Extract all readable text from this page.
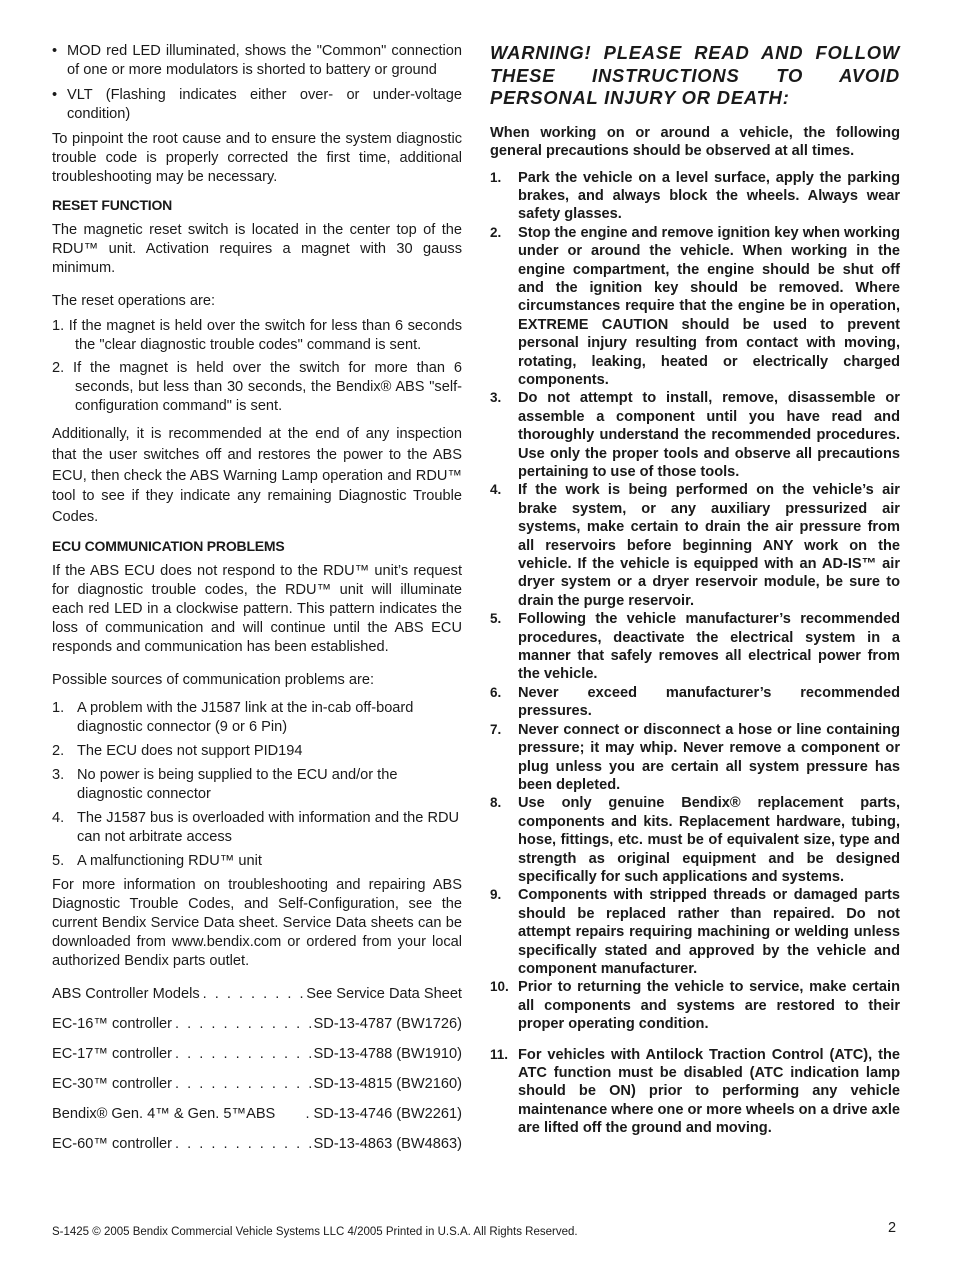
• MOD red LED illuminated, shows the "Common" connection of one or more modulators is shorted to battery or ground
• VLT (Flashing indicates either over- or under-voltage condition)

To pinpoint the root cause and to ensure the system diagnostic trouble code is properly corrected the first time, additional troubleshooting may be necessary.

RESET FUNCTION

The magnetic reset switch is located in the center top of the RDU™ unit. Activation requires a magnet with 30 gauss minimum.

The reset operations are:

1. If the magnet is held over the switch for less than 6 seconds the "clear diagnostic trouble codes" command is sent.
2. If the magnet is held over the switch for more than 6 seconds, but less than 30 seconds, the Bendix® ABS "self-configuration command" is sent.

Additionally, it is recommended at the end of any inspection that the user switches off and restores the power to the ABS ECU, then check the ABS Warning Lamp operation and RDU™ tool to see if they indicate any remaining Diagnostic Trouble Codes.

ECU COMMUNICATION PROBLEMS

If the ABS ECU does not respond to the RDU™ unit’s request for diagnostic trouble codes, the RDU™ unit will illuminate each red LED in a clockwise pattern. This pattern indicates the loss of communication and will continue until the ABS ECU responds and communication has been established.

Possible sources of communication problems are:

1. A problem with the J1587 link at the in-cab off-board diagnostic connector (9 or 6 Pin)
2. The ECU does not support PID194
3. No power is being supplied to the ECU and/or the diagnostic connector
4. The J1587 bus is overloaded with information and the RDU can not arbitrate access
5. A malfunctioning RDU™ unit

For more information on troubleshooting and repairing ABS Diagnostic Trouble Codes, and Self-Configuration, see the current Bendix Service Data sheet. Service Data sheets can be downloaded from www.bendix.com or ordered from your local authorized Bendix parts outlet.

ABS Controller Models . . .	See Service Data Sheet
EC-16™ controller . . .	SD-13-4787 (BW1726)
EC-17™ controller . . .	SD-13-4788 (BW1910)
EC-30™ controller . . .	SD-13-4815 (BW2160)
Bendix® Gen. 4™ & Gen. 5™ABS . SD-13-4746 (BW2261)
EC-60™ controller . . .	SD-13-4863 (BW4863)
WARNING! PLEASE READ AND FOLLOW THESE INSTRUCTIONS TO AVOID PERSONAL INJURY OR DEATH:
When working on or around a vehicle, the following general precautions should be observed at all times.
1.	Park the vehicle on a level surface, apply the parking brakes, and always block the wheels. Always wear safety glasses.
2.	Stop the engine and remove ignition key when working under or around the vehicle. When working in the engine compartment, the engine should be shut off and the ignition key should be removed. Where circumstances require that the engine be in operation, EXTREME CAUTION should be used to prevent personal injury resulting from contact with moving, rotating, leaking, heated or electrically charged components.
3.	Do not attempt to install, remove, disassemble or assemble a component until you have read and thoroughly understand the recommended procedures. Use only the proper tools and observe all precautions pertaining to use of those tools.
4.	If the work is being performed on the vehicle’s air brake system, or any auxiliary pressurized air systems, make certain to drain the air pressure from all reservoirs before beginning ANY work on the vehicle. If the vehicle is equipped with an AD-IS™ air dryer system or a dryer reservoir module, be sure to drain the purge reservoir.
5.	Following the vehicle manufacturer’s recommended procedures, deactivate the electrical system in a manner that safely removes all electrical power from the vehicle.
6.	Never exceed manufacturer’s recommended pressures.
7.	Never connect or disconnect a hose or line containing pressure; it may whip. Never remove a component or plug unless you are certain all system pressure has been depleted.
8.	Use only genuine Bendix® replacement parts, components and kits. Replacement hardware, tubing, hose, fittings, etc. must be of equivalent size, type and strength as original equipment and be designed specifically for such applications and systems.
9.	Components with stripped threads or damaged parts should be replaced rather than repaired. Do not attempt repairs requiring machining or welding unless specifically stated and approved by the vehicle and component manufacturer.
10. Prior to returning the vehicle to service, make certain all components and systems are restored to their proper operating condition.
11. For vehicles with Antilock Traction Control (ATC), the ATC function must be disabled (ATC indication lamp should be ON) prior to performing any vehicle maintenance where one or more wheels on a drive axle are lifted off the ground and moving.
S-1425 © 2005 Bendix Commercial Vehicle Systems LLC 4/2005 Printed in U.S.A. All Rights Reserved.	2
